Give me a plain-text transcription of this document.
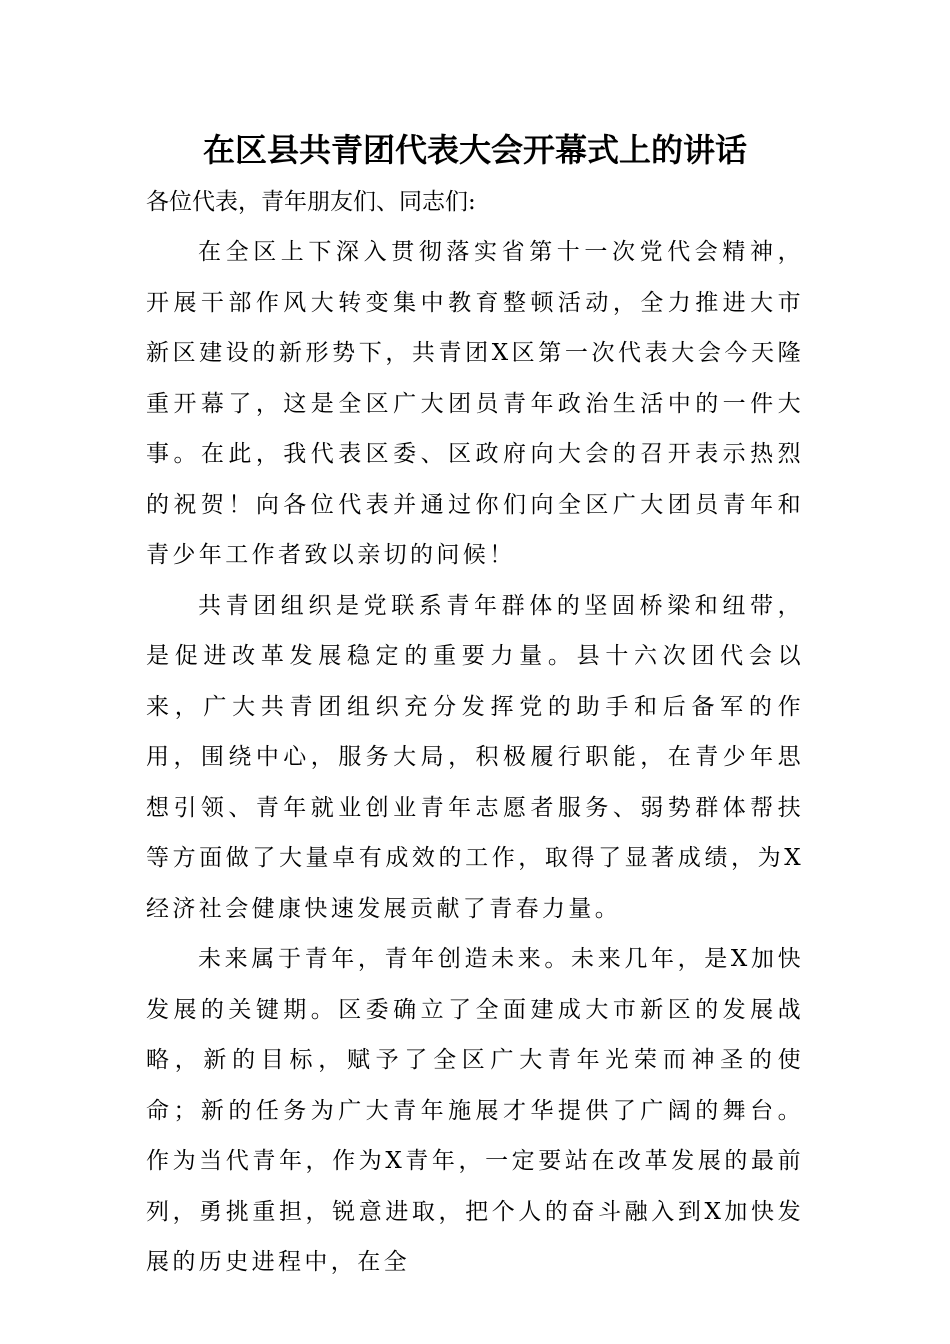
在区县共青团代表大会开幕式上的讲话

各位代表，青年朋友们、同志们:

在全区上下深入贯彻落实省第十一次党代会精神，开展干部作风大转变集中教育整顿活动，全力推进大市新区建设的新形势下，共青团X区第一次代表大会今天隆重开幕了，这是全区广大团员青年政治生活中的一件大事。在此，我代表区委、区政府向大会的召开表示热烈的祝贺！向各位代表并通过你们向全区广大团员青年和青少年工作者致以亲切的问候！

共青团组织是党联系青年群体的坚固桥梁和纽带，是促进改革发展稳定的重要力量。县十六次团代会以来，广大共青团组织充分发挥党的助手和后备军的作用，围绕中心，服务大局，积极履行职能，在青少年思想引领、青年就业创业青年志愿者服务、弱势群体帮扶等方面做了大量卓有成效的工作，取得了显著成绩，为X经济社会健康快速发展贡献了青春力量。

未来属于青年，青年创造未来。未来几年，是X加快发展的关键期。区委确立了全面建成大市新区的发展战略，新的目标，赋予了全区广大青年光荣而神圣的使命；新的任务为广大青年施展才华提供了广阔的舞台。作为当代青年，作为X青年，一定要站在改革发展的最前列，勇挑重担，锐意进取，把个人的奋斗融入到X加快发展的历史进程中，在全
